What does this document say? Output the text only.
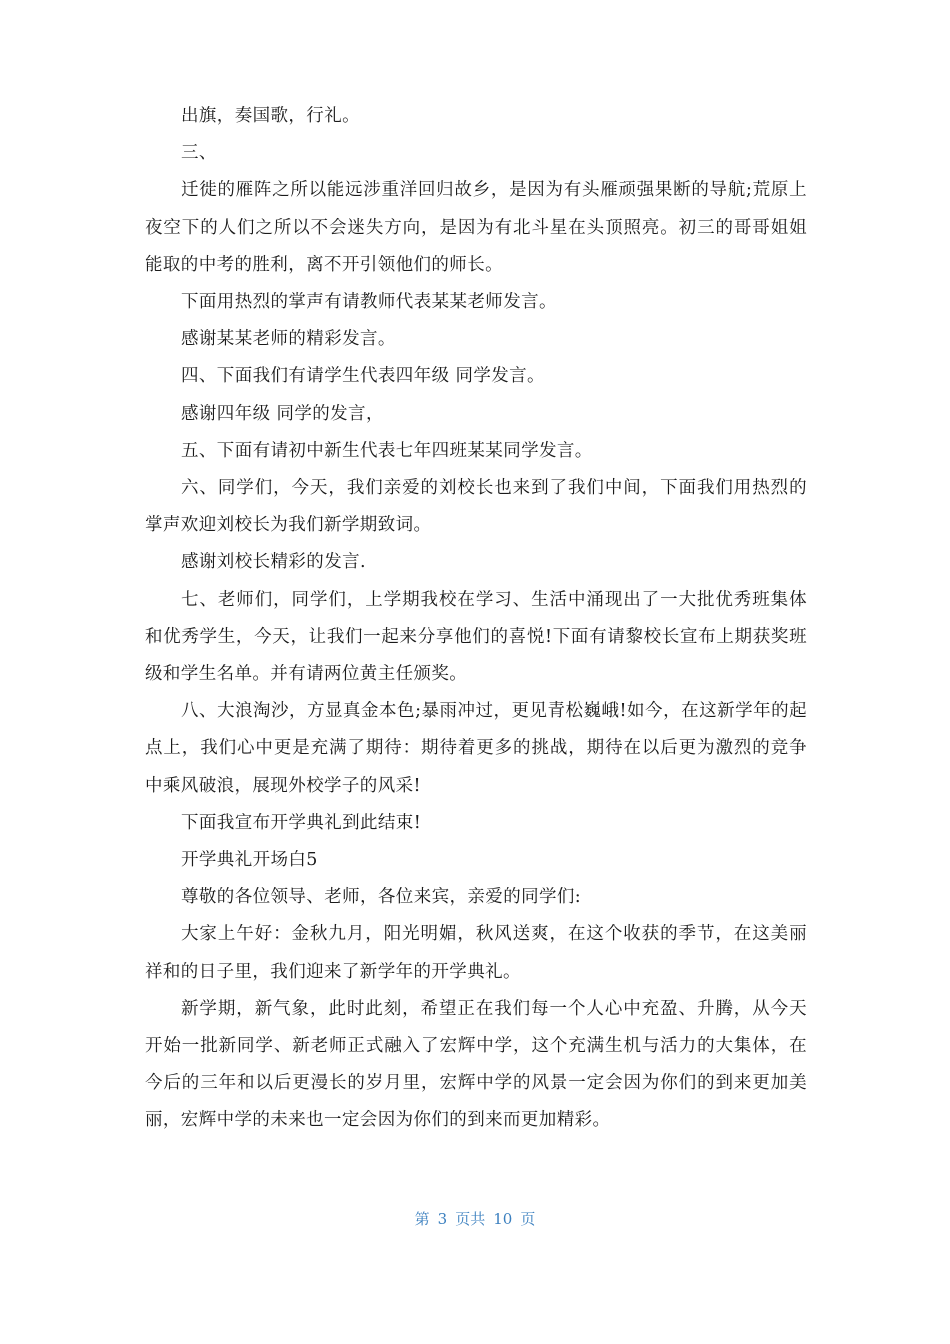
出旗，奏国歌，行礼。

三、

迁徙的雁阵之所以能远涉重洋回归故乡，是因为有头雁顽强果断的导航;荒原上夜空下的人们之所以不会迷失方向，是因为有北斗星在头顶照亮。初三的哥哥姐姐能取的中考的胜利，离不开引领他们的师长。

下面用热烈的掌声有请教师代表某某老师发言。

感谢某某老师的精彩发言。

四、下面我们有请学生代表四年级 同学发言。

感谢四年级 同学的发言，

五、下面有请初中新生代表七年四班某某同学发言。

六、同学们，今天，我们亲爱的刘校长也来到了我们中间，下面我们用热烈的掌声欢迎刘校长为我们新学期致词。

感谢刘校长精彩的发言.

七、老师们，同学们，上学期我校在学习、生活中涌现出了一大批优秀班集体和优秀学生，今天，让我们一起来分享他们的喜悦!下面有请黎校长宣布上期获奖班级和学生名单。并有请两位黄主任颁奖。

八、大浪淘沙，方显真金本色;暴雨冲过，更见青松巍峨!如今，在这新学年的起点上，我们心中更是充满了期待：期待着更多的挑战，期待在以后更为激烈的竞争中乘风破浪，展现外校学子的风采!

下面我宣布开学典礼到此结束!

开学典礼开场白5

尊敬的各位领导、老师，各位来宾，亲爱的同学们:

大家上午好：金秋九月，阳光明媚，秋风送爽，在这个收获的季节，在这美丽祥和的日子里，我们迎来了新学年的开学典礼。

新学期，新气象，此时此刻，希望正在我们每一个人心中充盈、升腾，从今天开始一批新同学、新老师正式融入了宏辉中学，这个充满生机与活力的大集体，在今后的三年和以后更漫长的岁月里，宏辉中学的风景一定会因为你们的到来更加美丽，宏辉中学的未来也一定会因为你们的到来而更加精彩。

第 3 页共 10 页
